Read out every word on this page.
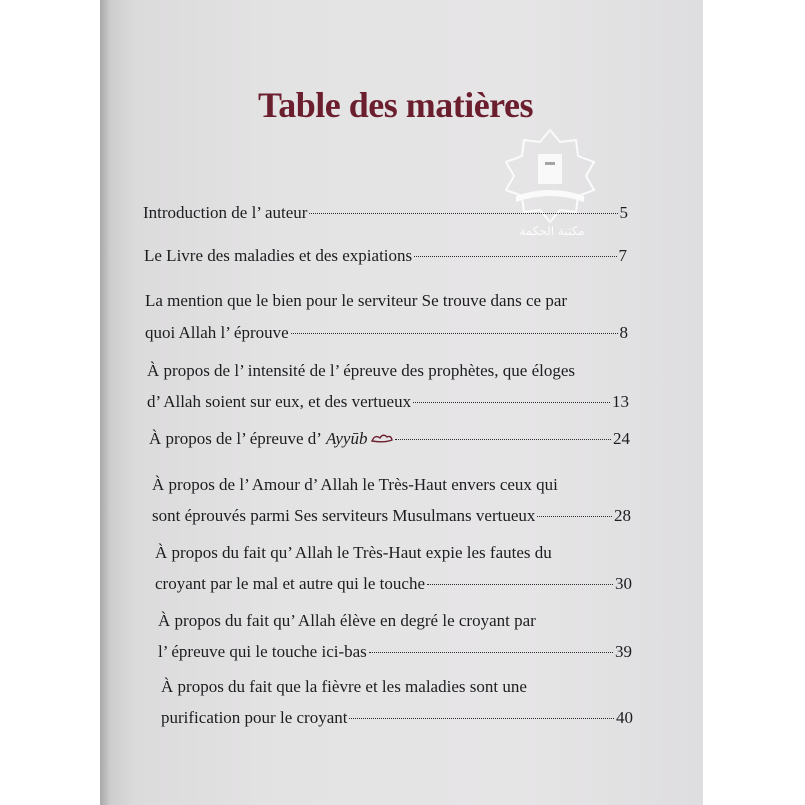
Table des matières
مكتبة الحكمة
Introduction de l’ auteur	5
Le Livre des maladies et des expiations	7
La mention que le bien pour le serviteur Se trouve dans ce par
quoi Allah l’ éprouve	8
À propos de l’ intensité de l’ épreuve des prophètes, que éloges
d’ Allah soient sur eux, et des vertueux	13
À propos de l’ épreuve d’ Ayyūb	24
À propos de l’ Amour d’ Allah le Très-Haut envers ceux qui
sont éprouvés parmi Ses serviteurs Musulmans vertueux	28
À propos du fait qu’ Allah le Très-Haut expie les fautes du
croyant par le mal et autre qui le touche	30
À propos du fait qu’ Allah élève en degré le croyant par
l’ épreuve qui le touche ici-bas	39
À propos du fait que la fièvre et les maladies sont une
purification pour le croyant	40
